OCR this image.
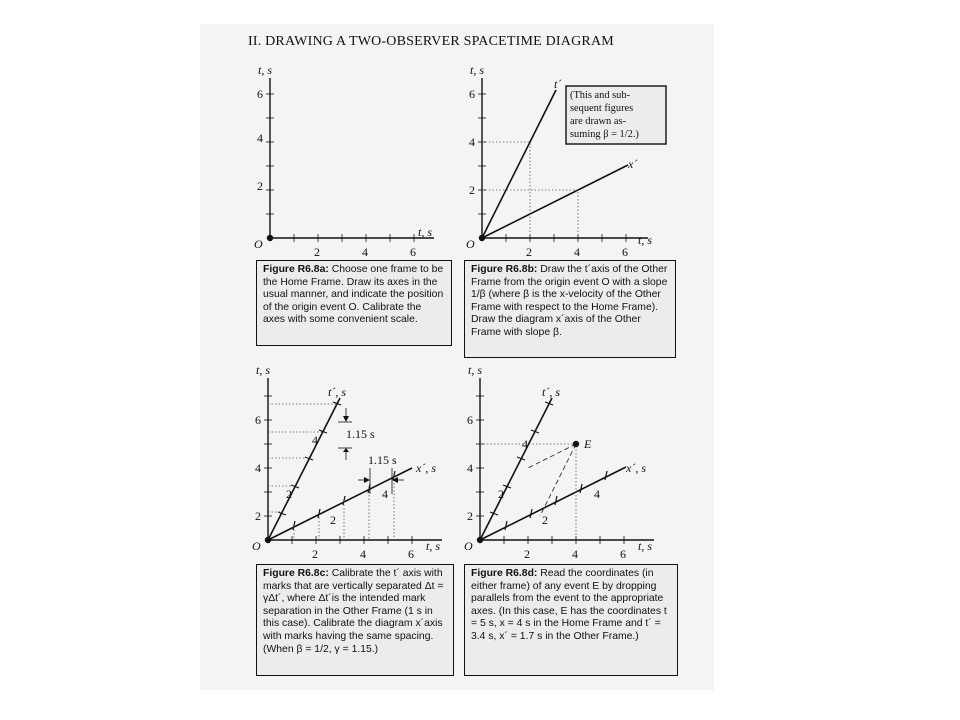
II. DRAWING A TWO-OBSERVER SPACETIME DIAGRAM
t, s
t, s
O
2
4
6
2	4	6
Figure R6.8a: Choose one frame to be the Home Frame. Draw its axes in the usual manner, and indicate the position of the origin event O. Calibrate the axes with some convenient scale.
(This and sub-
sequent figures
are drawn as-
suming β = 1/2.)
t, s
t´
x´
t, s
O
2
4
6
2	4	6
Figure R6.8b: Draw the t´axis of the Other Frame from the origin event O with a slope 1/β (where β is the x-velocity of the Other Frame with respect to the Home Frame). Draw the diagram x´axis of the Other Frame with slope β.
1.15 s
1.15 s
t, s
t´, s
x´, s
t, s
O
2
4
6
2	4	6
2
4
2
4
Figure R6.8c: Calibrate the t´ axis with marks that are vertically separated Δt = γΔt´, where Δt´is the intended mark separation in the Other Frame (1 s in this case). Calibrate the diagram x´axis with marks having the same spacing. (When β = 1/2, γ = 1.15.)
E
t, s
t´, s
x´, s
t, s
O
2
4
6
2	4	6
2
4
2
4
Figure R6.8d: Read the coordinates (in either frame) of any event E by dropping parallels from the event to the appropriate axes. (In this case, E has the coordinates t = 5 s, x = 4 s in the Home Frame and t´ = 3.4 s, x´ = 1.7 s in the Other Frame.)
